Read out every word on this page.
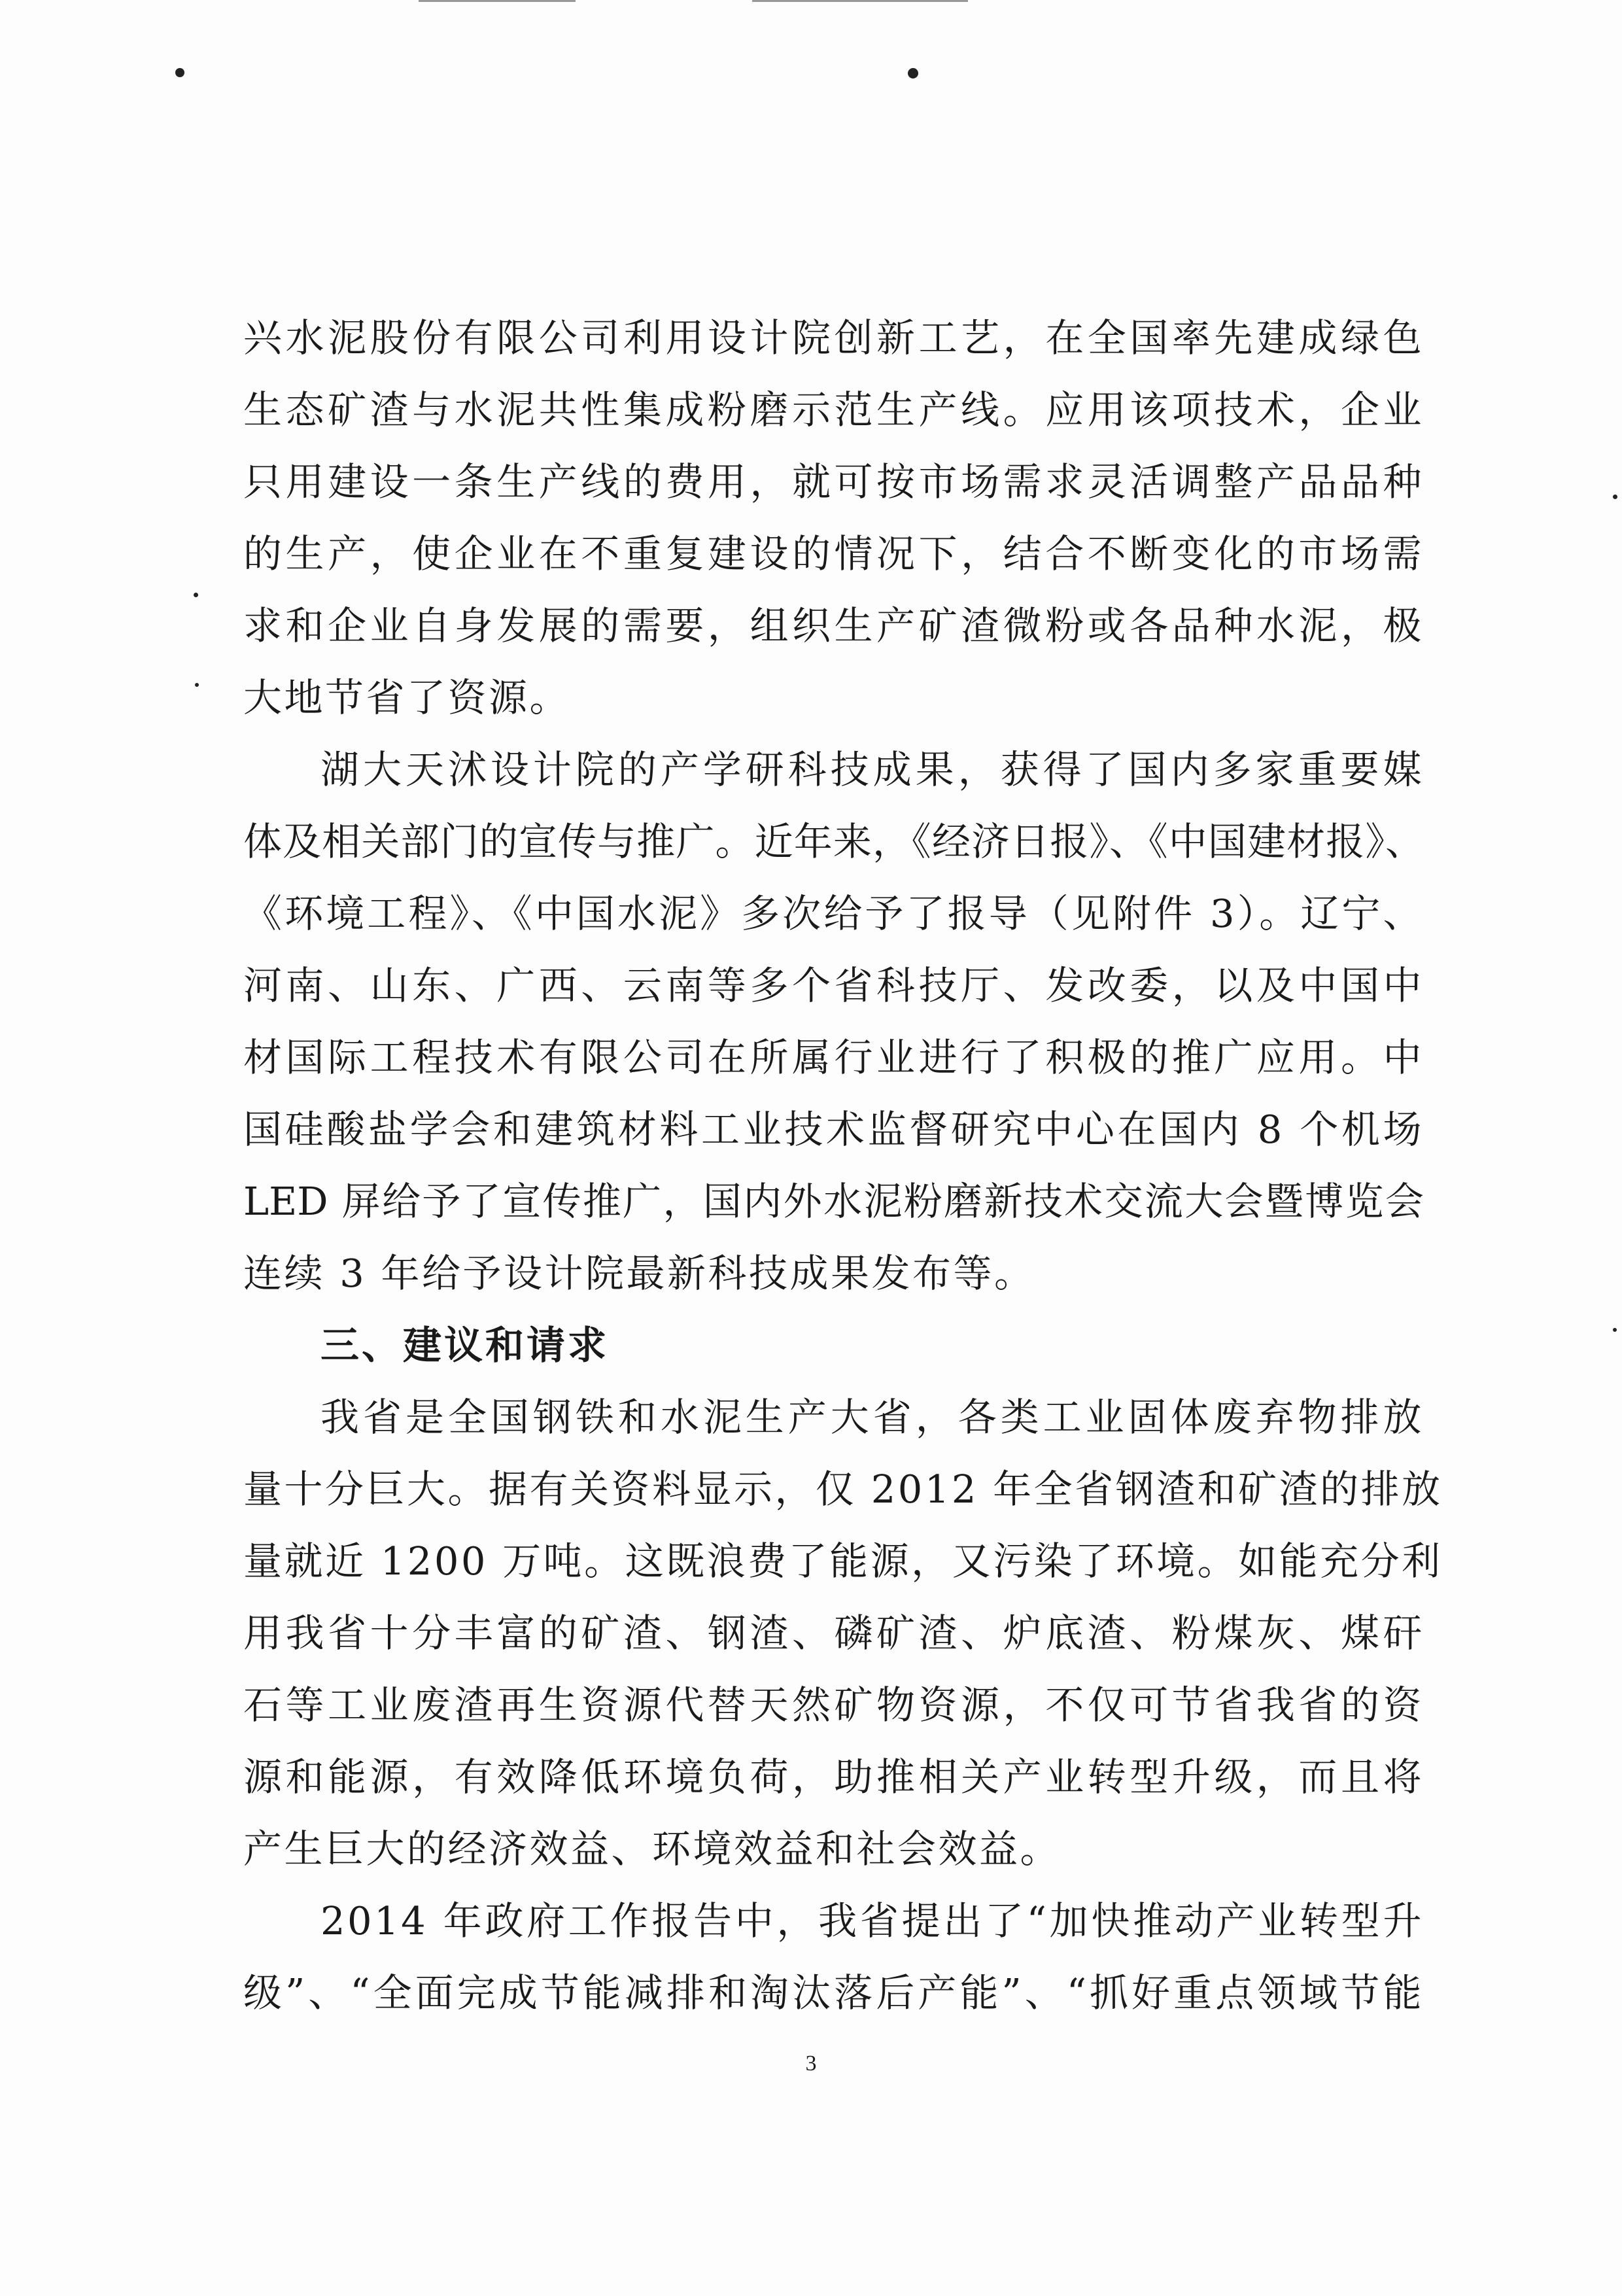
兴水泥股份有限公司利用设计院创新工艺，在全国率先建成绿色
生态矿渣与水泥共性集成粉磨示范生产线。应用该项技术，企业
只用建设一条生产线的费用，就可按市场需求灵活调整产品品种
的生产，使企业在不重复建设的情况下，结合不断变化的市场需
求和企业自身发展的需要，组织生产矿渣微粉或各品种水泥，极
大地节省了资源。
湖大天沭设计院的产学研科技成果，获得了国内多家重要媒
体及相关部门的宣传与推广。近年来，《经济日报》、《中国建材报》、
《环境工程》、《中国水泥》多次给予了报导（见附件 3）。辽宁、
河南、山东、广西、云南等多个省科技厅、发改委，以及中国中
材国际工程技术有限公司在所属行业进行了积极的推广应用。中
国硅酸盐学会和建筑材料工业技术监督研究中心在国内 8 个机场
LED 屏给予了宣传推广，国内外水泥粉磨新技术交流大会暨博览会
连续 3 年给予设计院最新科技成果发布等。
三、建议和请求
我省是全国钢铁和水泥生产大省，各类工业固体废弃物排放
量十分巨大。据有关资料显示，仅 2012 年全省钢渣和矿渣的排放
量就近 1200 万吨。这既浪费了能源，又污染了环境。如能充分利
用我省十分丰富的矿渣、钢渣、磷矿渣、炉底渣、粉煤灰、煤矸
石等工业废渣再生资源代替天然矿物资源，不仅可节省我省的资
源和能源，有效降低环境负荷，助推相关产业转型升级，而且将
产生巨大的经济效益、环境效益和社会效益。
2014 年政府工作报告中，我省提出了“加快推动产业转型升
级”、“全面完成节能减排和淘汰落后产能”、“抓好重点领域节能
3
